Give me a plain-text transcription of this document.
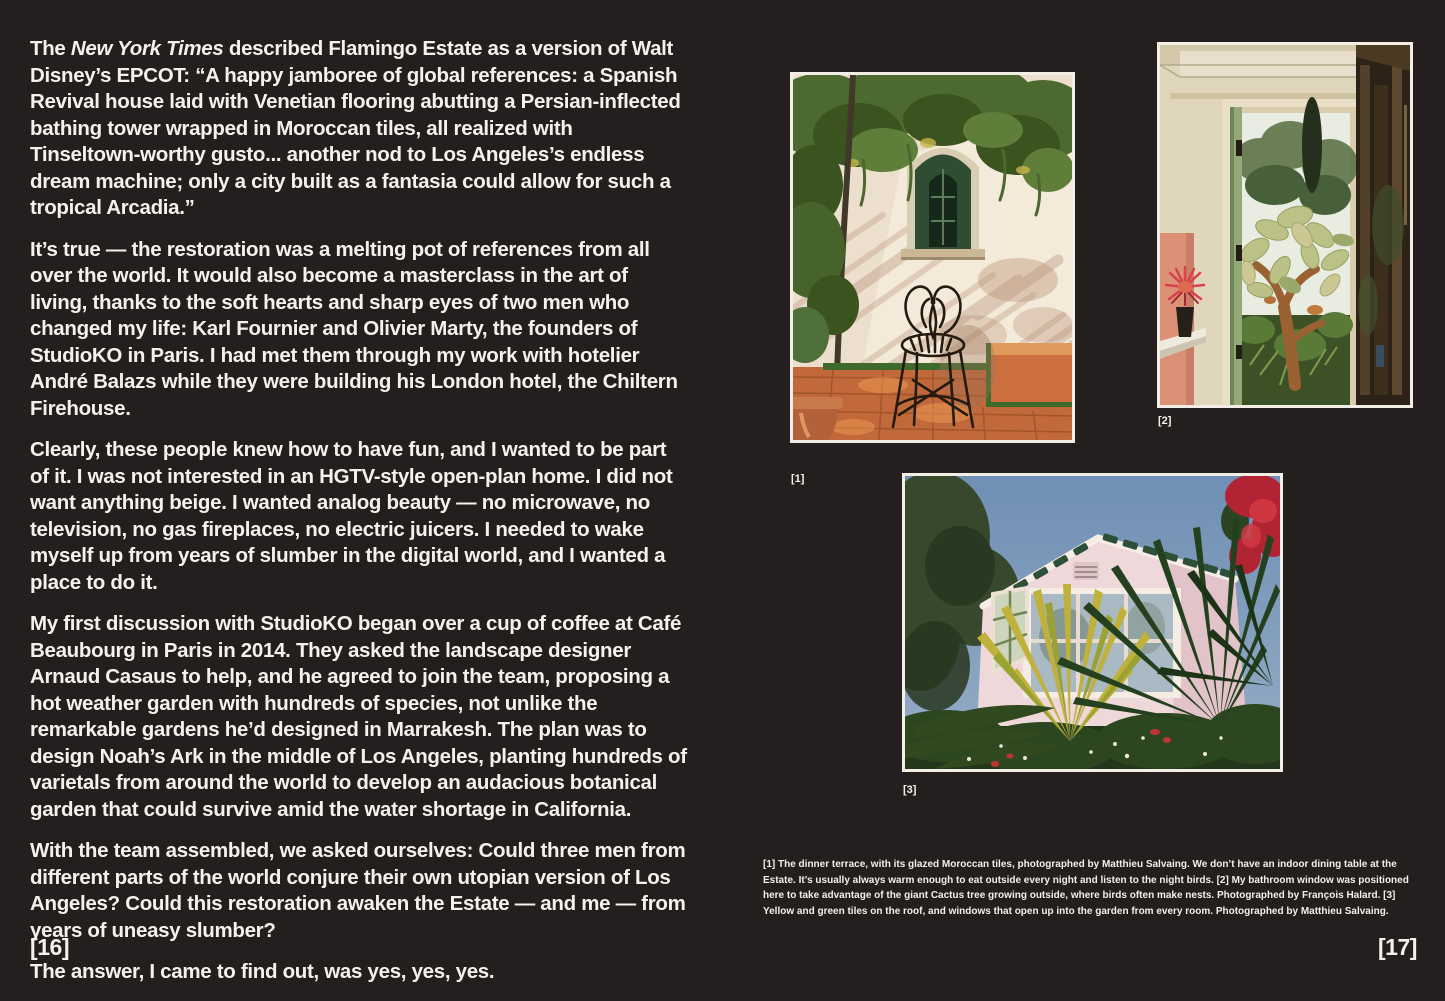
The New York Times described Flamingo Estate as a version of Walt Disney’s EPCOT: “A happy jamboree of global references: a Spanish Revival house laid with Venetian flooring abutting a Persian-inflected bathing tower wrapped in Moroccan tiles, all realized with Tinseltown-worthy gusto... another nod to Los Angeles’s endless dream machine; only a city built as a fantasia could allow for such a tropical Arcadia.”

It’s true — the restoration was a melting pot of references from all over the world. It would also become a masterclass in the art of living, thanks to the soft hearts and sharp eyes of two men who changed my life: Karl Fournier and Olivier Marty, the founders of StudioKO in Paris. I had met them through my work with hotelier André Balazs while they were building his London hotel, the Chiltern Firehouse.

Clearly, these people knew how to have fun, and I wanted to be part of it. I was not interested in an HGTV-style open-plan home. I did not want anything beige. I wanted analog beauty — no microwave, no television, no gas fireplaces, no electric juicers. I needed to wake myself up from years of slumber in the digital world, and I wanted a place to do it.

My first discussion with StudioKO began over a cup of coffee at Café Beaubourg in Paris in 2014. They asked the landscape designer Arnaud Casaus to help, and he agreed to join the team, proposing a hot weather garden with hundreds of species, not unlike the remarkable gardens he’d designed in Marrakesh. The plan was to design Noah’s Ark in the middle of Los Angeles, planting hundreds of varietals from around the world to develop an audacious botanical garden that could survive amid the water shortage in California.

With the team assembled, we asked ourselves: Could three men from different parts of the world conjure their own utopian version of Los Angeles? Could this restoration awaken the Estate — and me — from years of uneasy slumber?

The answer, I came to find out, was yes, yes, yes.

[16]
[1]
[2]
[3]
[1] The dinner terrace, with its glazed Moroccan tiles, photographed by Matthieu Salvaing. We don’t have an indoor dining table at the Estate. It’s usually always warm enough to eat outside every night and listen to the night birds. [2] My bathroom window was positioned here to take advantage of the giant Cactus tree growing outside, where birds often make nests. Photographed by François Halard. [3] Yellow and green tiles on the roof, and windows that open up into the garden from every room. Photographed by Matthieu Salvaing.
[17]
